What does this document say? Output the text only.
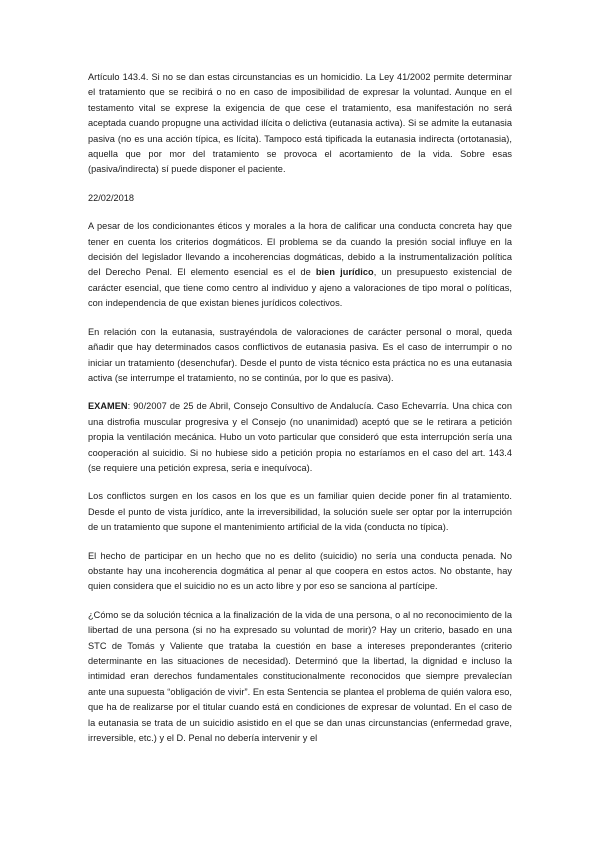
Artículo 143.4. Si no se dan estas circunstancias es un homicidio. La Ley 41/2002 permite determinar el tratamiento que se recibirá o no en caso de imposibilidad de expresar la voluntad. Aunque en el testamento vital se exprese la exigencia de que cese el tratamiento, esa manifestación no será aceptada cuando propugne una actividad ilícita o delictiva (eutanasia activa). Si se admite la eutanasia pasiva (no es una acción típica, es lícita). Tampoco está tipificada la eutanasia indirecta (ortotanasia), aquella que por mor del tratamiento se provoca el acortamiento de la vida. Sobre esas (pasiva/indirecta) sí puede disponer el paciente.

22/02/2018

A pesar de los condicionantes éticos y morales a la hora de calificar una conducta concreta hay que tener en cuenta los criterios dogmáticos. El problema se da cuando la presión social influye en la decisión del legislador llevando a incoherencias dogmáticas, debido a la instrumentalización política del Derecho Penal. El elemento esencial es el de bien jurídico, un presupuesto existencial de carácter esencial, que tiene como centro al individuo y ajeno a valoraciones de tipo moral o políticas, con independencia de que existan bienes jurídicos colectivos.

En relación con la eutanasia, sustrayéndola de valoraciones de carácter personal o moral, queda añadir que hay determinados casos conflictivos de eutanasia pasiva. Es el caso de interrumpir o no iniciar un tratamiento (desenchufar). Desde el punto de vista técnico esta práctica no es una eutanasia activa (se interrumpe el tratamiento, no se continúa, por lo que es pasiva).

EXAMEN: 90/2007 de 25 de Abril, Consejo Consultivo de Andalucía. Caso Echevarría. Una chica con una distrofia muscular progresiva y el Consejo (no unanimidad) aceptó que se le retirara a petición propia la ventilación mecánica. Hubo un voto particular que consideró que esta interrupción sería una cooperación al suicidio. Si no hubiese sido a petición propia no estaríamos en el caso del art. 143.4 (se requiere una petición expresa, seria e inequívoca).

Los conflictos surgen en los casos en los que es un familiar quien decide poner fin al tratamiento. Desde el punto de vista jurídico, ante la irreversibilidad, la solución suele ser optar por la interrupción de un tratamiento que supone el mantenimiento artificial de la vida (conducta no típica).

El hecho de participar en un hecho que no es delito (suicidio) no sería una conducta penada. No obstante hay una incoherencia dogmática al penar al que coopera en estos actos. No obstante, hay quien considera que el suicidio no es un acto libre y por eso se sanciona al partícipe.

¿Cómo se da solución técnica a la finalización de la vida de una persona, o al no reconocimiento de la libertad de una persona (si no ha expresado su voluntad de morir)? Hay un criterio, basado en una STC de Tomás y Valiente que trataba la cuestión en base a intereses preponderantes (criterio determinante en las situaciones de necesidad). Determinó que la libertad, la dignidad e incluso la intimidad eran derechos fundamentales constitucionalmente reconocidos que siempre prevalecían ante una supuesta “obligación de vivir”. En esta Sentencia se plantea el problema de quién valora eso, que ha de realizarse por el titular cuando está en condiciones de expresar de voluntad. En el caso de la eutanasia se trata de un suicidio asistido en el que se dan unas circunstancias (enfermedad grave, irreversible, etc.) y el D. Penal no debería intervenir y el
